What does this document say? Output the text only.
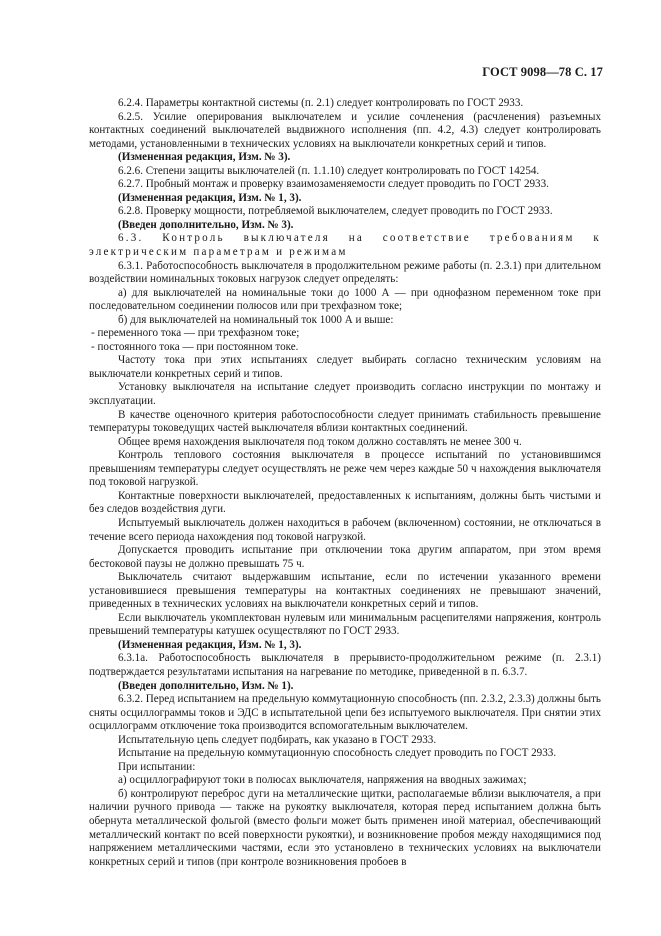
ГОСТ 9098—78 С. 17

6.2.4. Параметры контактной системы (п. 2.1) следует контролировать по ГОСТ 2933.

6.2.5. Усилие оперирования выключателем и усилие сочленения (расчленения) разъемных контактных соединений выключателей выдвижного исполнения (пп. 4.2, 4.3) следует контролировать методами, установленными в технических условиях на выключатели конкретных серий и типов.

(Измененная редакция, Изм. № 3).

6.2.6. Степени защиты выключателей (п. 1.1.10) следует контролировать по ГОСТ 14254.

6.2.7. Пробный монтаж и проверку взаимозаменяемости следует проводить по ГОСТ 2933.

(Измененная редакция, Изм. № 1, 3).

6.2.8. Проверку мощности, потребляемой выключателем, следует проводить по ГОСТ 2933.

(Введен дополнительно, Изм. № 3).

6.3. Контроль выключателя на соответствие требованиям к электрическим параметрам и режимам

6.3.1. Работоспособность выключателя в продолжительном режиме работы (п. 2.3.1) при длительном воздействии номинальных токовых нагрузок следует определять:

а) для выключателей на номинальные токи до 1000 А — при однофазном переменном токе при последовательном соединении полюсов или при трехфазном токе;

б) для выключателей на номинальный ток 1000 А и выше:

- переменного тока — при трехфазном токе;

- постоянного тока — при постоянном токе.

Частоту тока при этих испытаниях следует выбирать согласно техническим условиям на выключатели конкретных серий и типов.

Установку выключателя на испытание следует производить согласно инструкции по монтажу и эксплуатации.

В качестве оценочного критерия работоспособности следует принимать стабильность превышение температуры токоведущих частей выключателя вблизи контактных соединений.

Общее время нахождения выключателя под током должно составлять не менее 300 ч.

Контроль теплового состояния выключателя в процессе испытаний по установившимся превышениям температуры следует осуществлять не реже чем через каждые 50 ч нахождения выключателя под токовой нагрузкой.

Контактные поверхности выключателей, предоставленных к испытаниям, должны быть чистыми и без следов воздействия дуги.

Испытуемый выключатель должен находиться в рабочем (включенном) состоянии, не отключаться в течение всего периода нахождения под токовой нагрузкой.

Допускается проводить испытание при отключении тока другим аппаратом, при этом время бестоковой паузы не должно превышать 75 ч.

Выключатель считают выдержавшим испытание, если по истечении указанного времени установившиеся превышения температуры на контактных соединениях не превышают значений, приведенных в технических условиях на выключатели конкретных серий и типов.

Если выключатель укомплектован нулевым или минимальным расцепителями напряжения, контроль превышений температуры катушек осуществляют по ГОСТ 2933.

(Измененная редакция, Изм. № 1, 3).

6.3.1а. Работоспособность выключателя в прерывисто-продолжительном режиме (п. 2.3.1) подтверждается результатами испытания на нагревание по методике, приведенной в п. 6.3.7.

(Введен дополнительно, Изм. № 1).

6.3.2. Перед испытанием на предельную коммутационную способность (пп. 2.3.2, 2.3.3) должны быть сняты осциллограммы токов и ЭДС в испытательной цепи без испытуемого выключателя. При снятии этих осциллограмм отключение тока производится вспомогательным выключателем.

Испытательную цепь следует подбирать, как указано в ГОСТ 2933.

Испытание на предельную коммутационную способность следует проводить по ГОСТ 2933.

При испытании:

а) осциллографируют токи в полюсах выключателя, напряжения на вводных зажимах;

б) контролируют переброс дуги на металлические щитки, располагаемые вблизи выключателя, а при наличии ручного привода — также на рукоятку выключателя, которая перед испытанием должна быть обернута металлической фольгой (вместо фольги может быть применен иной материал, обеспечивающий металлический контакт по всей поверхности рукоятки), и возникновение пробоя между находящимися под напряжением металлическими частями, если это установлено в технических условиях на выключатели конкретных серий и типов (при контроле возникновения пробоев в
